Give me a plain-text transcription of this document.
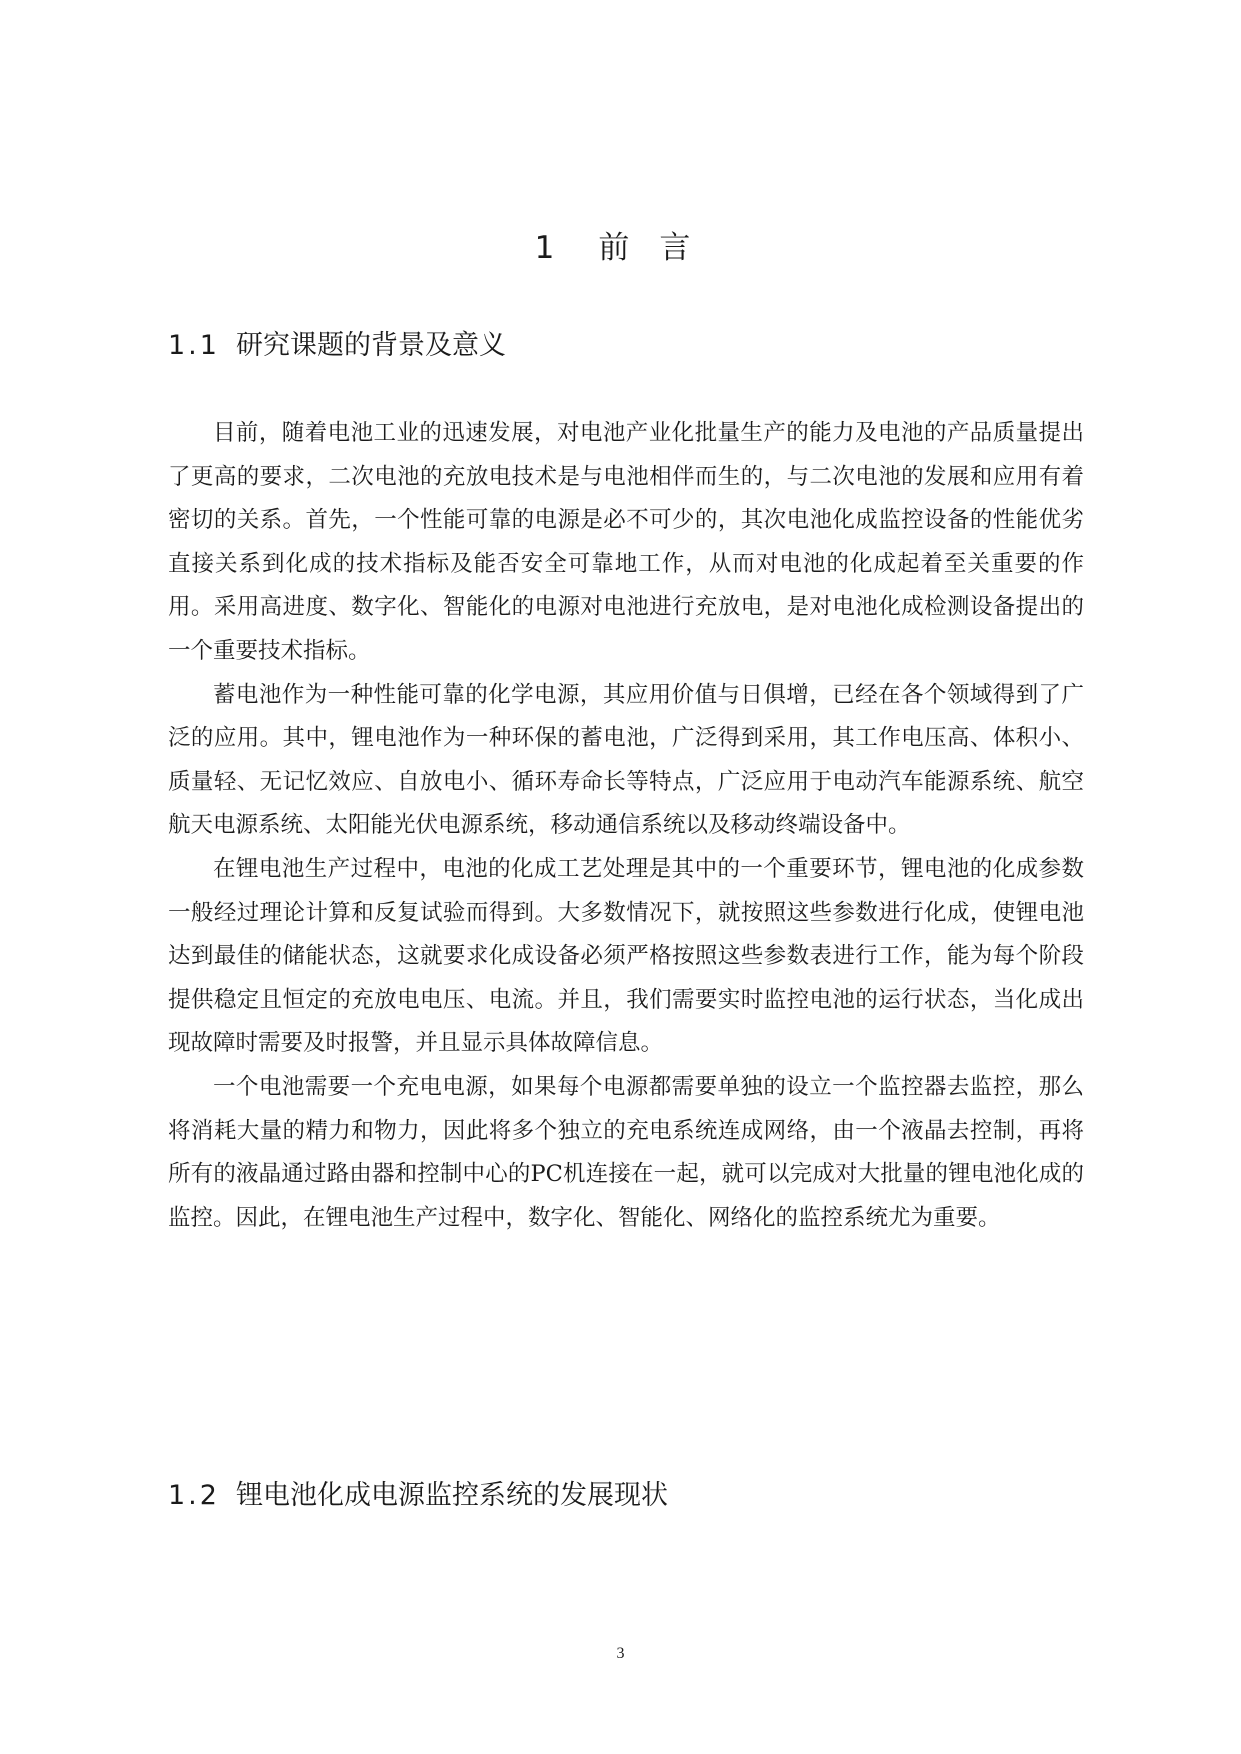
1 前 言
1.1 研究课题的背景及意义

目前，随着电池工业的迅速发展，对电池产业化批量生产的能力及电池的产品质量提出了更高的要求，二次电池的充放电技术是与电池相伴而生的，与二次电池的发展和应用有着密切的关系。首先，一个性能可靠的电源是必不可少的，其次电池化成监控设备的性能优劣直接关系到化成的技术指标及能否安全可靠地工作，从而对电池的化成起着至关重要的作用。采用高进度、数字化、智能化的电源对电池进行充放电，是对电池化成检测设备提出的一个重要技术指标。

蓄电池作为一种性能可靠的化学电源，其应用价值与日俱增，已经在各个领域得到了广泛的应用。其中，锂电池作为一种环保的蓄电池，广泛得到采用，其工作电压高、体积小、质量轻、无记忆效应、自放电小、循环寿命长等特点，广泛应用于电动汽车能源系统、航空航天电源系统、太阳能光伏电源系统，移动通信系统以及移动终端设备中。

在锂电池生产过程中，电池的化成工艺处理是其中的一个重要环节，锂电池的化成参数一般经过理论计算和反复试验而得到。大多数情况下，就按照这些参数进行化成，使锂电池达到最佳的储能状态，这就要求化成设备必须严格按照这些参数表进行工作，能为每个阶段提供稳定且恒定的充放电电压、电流。并且，我们需要实时监控电池的运行状态，当化成出现故障时需要及时报警，并且显示具体故障信息。

一个电池需要一个充电电源，如果每个电源都需要单独的设立一个监控器去监控，那么将消耗大量的精力和物力，因此将多个独立的充电系统连成网络，由一个液晶去控制，再将所有的液晶通过路由器和控制中心的PC机连接在一起，就可以完成对大批量的锂电池化成的监控。因此，在锂电池生产过程中，数字化、智能化、网络化的监控系统尤为重要。

1.2 锂电池化成电源监控系统的发展现状
3
